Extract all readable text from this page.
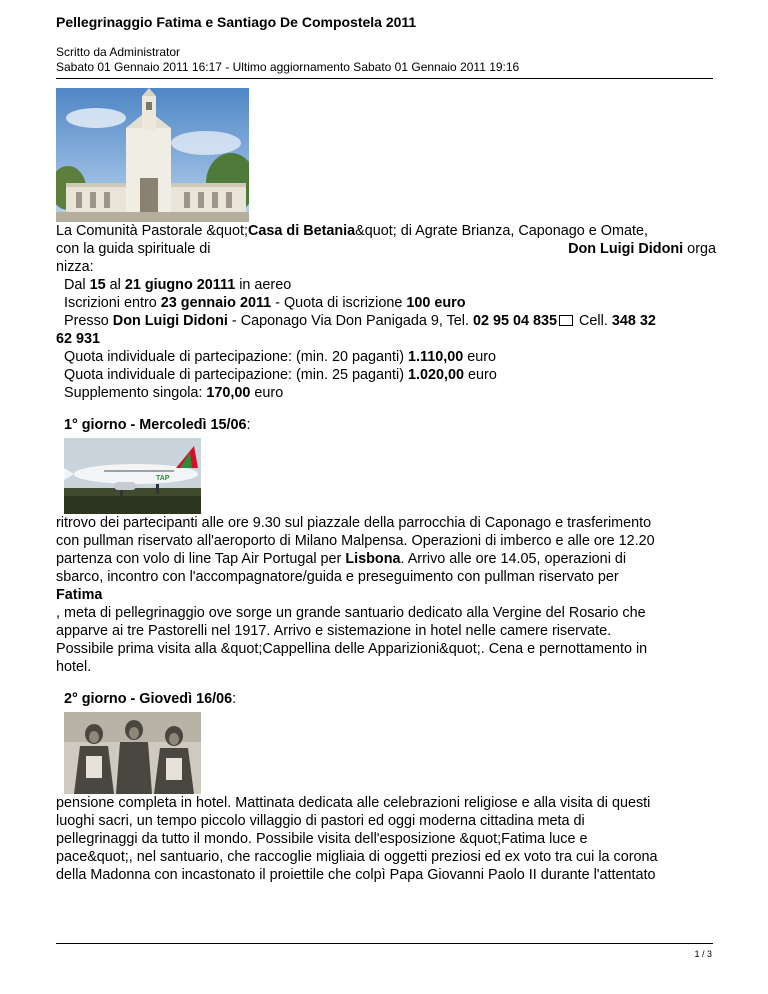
Pellegrinaggio Fatima e Santiago De Compostela 2011
Scritto da Administrator
Sabato 01 Gennaio 2011 16:17 - Ultimo aggiornamento Sabato 01 Gennaio 2011 19:16
La Comunità Pastorale &quot;Casa di Betania&quot; di Agrate Brianza, Caponago e Omate,
con la guida spirituale di	Don Luigi Didoni orga
nizza:
Dal 15 al 21 giugno 20111 in aereo
Iscrizioni entro 23 gennaio 2011 - Quota di iscrizione 100 euro
Presso Don Luigi Didoni - Caponago Via Don Panigada 9, Tel. 02 95 04 835 Cell. 348 32
62 931
Quota individuale di partecipazione: (min. 20 paganti) 1.110,00 euro
Quota individuale di partecipazione: (min. 25 paganti) 1.020,00 euro
Supplemento singola: 170,00 euro
1° giorno - Mercoledì 15/06:
TAP
ritrovo dei partecipanti alle ore 9.30 sul piazzale della parrocchia di Caponago e trasferimento
con pullman riservato all'aeroporto di Milano Malpensa. Operazioni di imberco e alle ore 12.20
partenza con volo di line Tap Air Portugal per Lisbona. Arrivo alle ore 14.05, operazioni di
sbarco, incontro con l'accompagnatore/guida e preseguimento con pullman riservato per
Fatima
, meta di pellegrinaggio ove sorge un grande santuario dedicato alla Vergine del Rosario che
apparve ai tre Pastorelli nel 1917. Arrivo e sistemazione in hotel nelle camere riservate.
Possibile prima visita alla &quot;Cappellina delle Apparizioni&quot;. Cena e pernottamento in
hotel.
2° giorno - Giovedì 16/06:
pensione completa in hotel. Mattinata dedicata alle celebrazioni religiose e alla visita di questi
luoghi sacri, un tempo piccolo villaggio di pastori ed oggi moderna cittadina meta di
pellegrinaggi da tutto il mondo. Possibile visita dell'esposizione &quot;Fatima luce e
pace&quot;, nel santuario, che raccoglie migliaia di oggetti preziosi ed ex voto tra cui la corona
della Madonna con incastonato il proiettile che colpì Papa Giovanni Paolo II durante l'attentato
1 / 3
